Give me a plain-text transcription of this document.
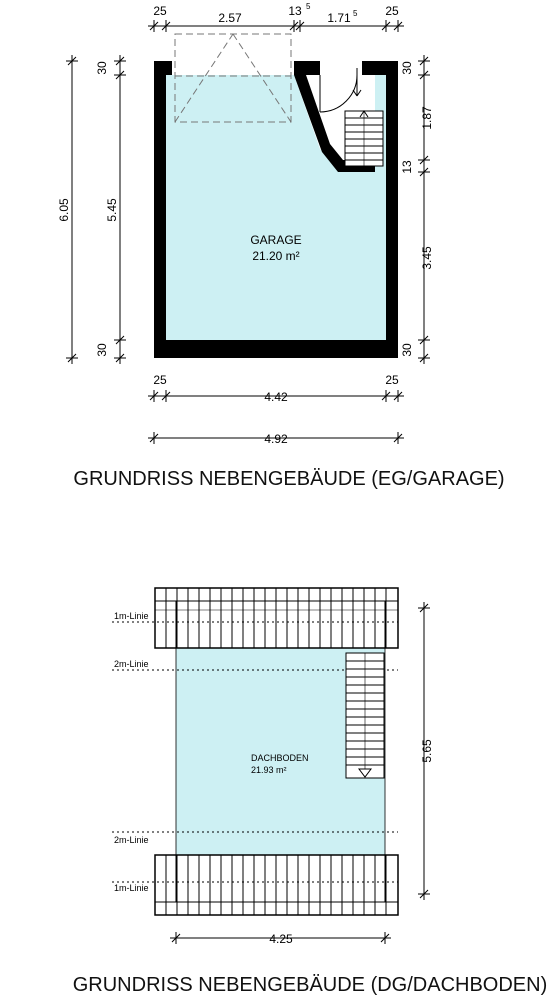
GARAGE
21.20 m²
25	2.57	13 5
1.71 5 25
6.05
30
5.45
30
30
1.87
13
3.45
30
25
4.42
25
4.92
GRUNDRISS NEBENGEBÄUDE (EG/GARAGE)
1m-Linie
2m-Linie
2m-Linie
1m-Linie
DACHBODEN
21.93 m²
5.65
4.25
GRUNDRISS NEBENGEBÄUDE (DG/DACHBODEN)
